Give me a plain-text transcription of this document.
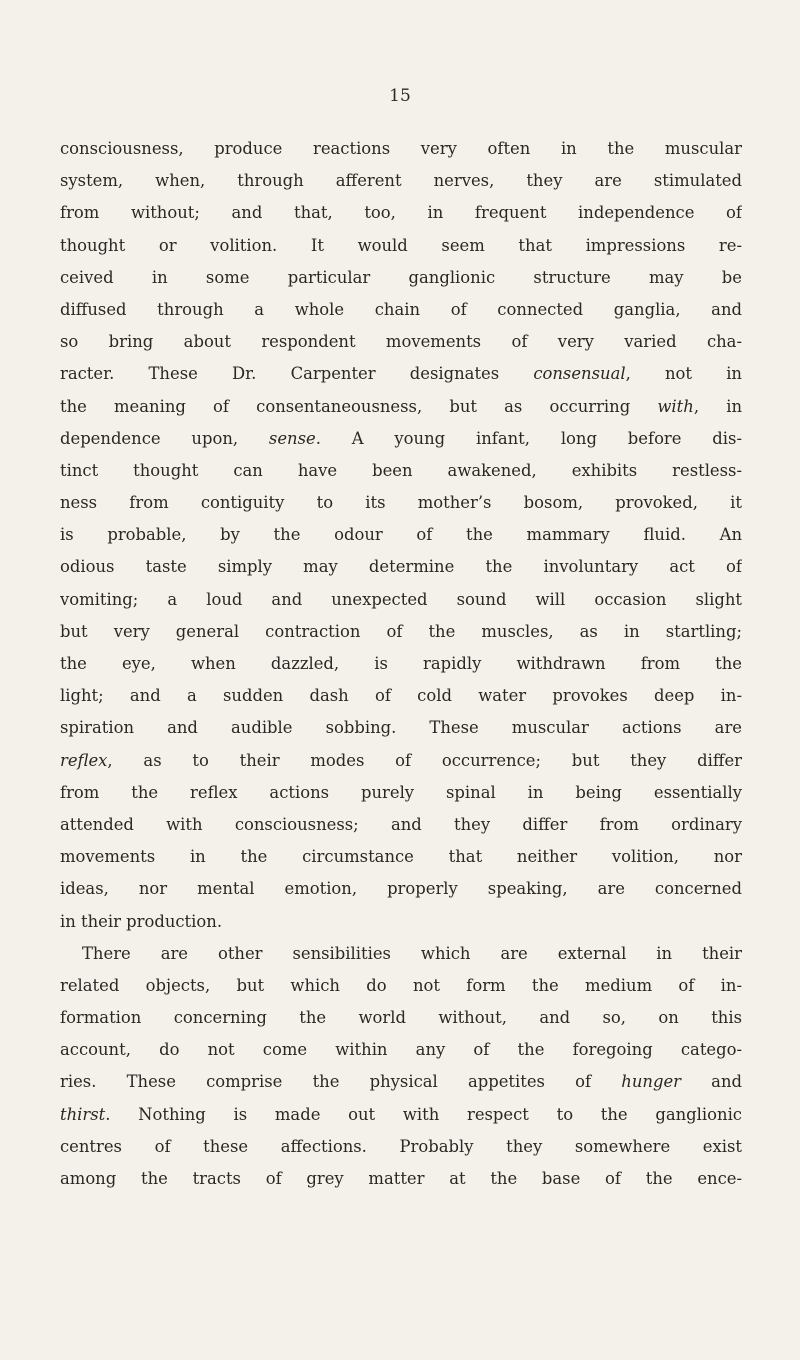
15
consciousness, produce reactions very often in the muscular
system, when, through afferent nerves, they are stimulated
from without; and that, too, in frequent independence of
thought or volition. It would seem that impressions re-
ceived in some particular ganglionic structure may be
diffused through a whole chain of connected ganglia, and
so bring about respondent movements of very varied cha-
racter. These Dr. Carpenter designates consensual, not in
the meaning of consentaneousness, but as occurring with, in
dependence upon, sense. A young infant, long before dis-
tinct thought can have been awakened, exhibits restless-
ness from contiguity to its mother’s bosom, provoked, it
is probable, by the odour of the mammary fluid. An
odious taste simply may determine the involuntary act of
vomiting; a loud and unexpected sound will occasion slight
but very general contraction of the muscles, as in startling;
the eye, when dazzled, is rapidly withdrawn from the
light; and a sudden dash of cold water provokes deep in-
spiration and audible sobbing. These muscular actions are
reflex, as to their modes of occurrence; but they differ
from the reflex actions purely spinal in being essentially
attended with consciousness; and they differ from ordinary
movements in the circumstance that neither volition, nor
ideas, nor mental emotion, properly speaking, are concerned
in their production.
There are other sensibilities which are external in their
related objects, but which do not form the medium of in-
formation concerning the world without, and so, on this
account, do not come within any of the foregoing catego-
ries. These comprise the physical appetites of hunger and
thirst. Nothing is made out with respect to the ganglionic
centres of these affections. Probably they somewhere exist
among the tracts of grey matter at the base of the ence-
